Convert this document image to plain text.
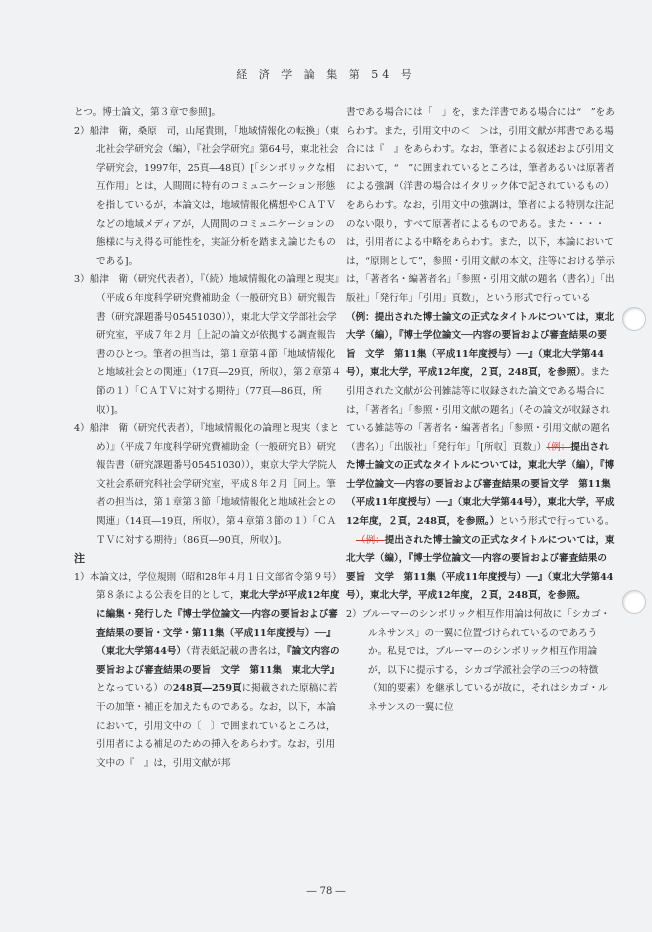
経 済 学 論 集 第 54 号

とつ。博士論文，第３章で参照]。

2）船津　衛，桑原　司，山尾貴則，「地域情報化の転換」（東北社会学研究会（編），『社会学研究』第64号，東北社会学研究会，1997年，25頁―48頁）[「シンボリックな相互作用」とは，人間間に特有のコミュニケーション形態を指しているが，本論文は，地域情報化構想やＣＡＴＶなどの地域メディアが，人間間のコミュニケーションの態様に与え得る可能性を，実証分析を踏まえ論じたものである]。

3）船津　衛（研究代表者），『（続）地域情報化の論理と現実』（平成６年度科学研究費補助金（一般研究Ｂ）研究報告書（研究課題番号05451030）），東北大学文学部社会学研究室，平成７年２月［上記の論文が依拠する調査報告書のひとつ。筆者の担当は，第１章第４節「地域情報化と地域社会との関連」（17頁―29頁，所収），第２章第４節の１）「ＣＡＴＶに対する期待」（77頁―86頁，所収）]。

4）船津　衛（研究代表者），『地域情報化の論理と現実（まとめ）』（平成７年度科学研究費補助金（一般研究Ｂ）研究報告書（研究課題番号05451030）），東京大学大学院人文社会系研究科社会学研究室，平成８年２月［同上。筆者の担当は，第１章第３節「地域情報化と地域社会との関連」（14頁―19頁，所収），第４章第３節の１）「ＣＡＴＶに対する期待」（86頁―90頁，所収）]。

注

1）本論文は，学位規則（昭和28年４月１日文部省令第９号）第８条による公表を目的として，東北大学が平成12年度に編集・発行した『博士学位論文──内容の要旨および審査結果の要旨・文学・第11集（平成11年度授与）──』（東北大学第44号）（背表紙記載の書名は，『論文内容の要旨および審査結果の要旨　文学　第11集　東北大学』となっている）の248頁―259頁に掲載された原稿に若干の加筆・補正を加えたものである。なお，以下，本論において，引用文中の〔　〕で囲まれているところは，引用者による補足のための挿入をあらわす。なお，引用文中の『　』は，引用文献が邦

書である場合には「　」を，また洋書である場合には“　”をあらわす。また，引用文中の＜　＞は，引用文献が邦書である場合には『　』をあらわす。なお，筆者による叙述および引用文において，“　”に囲まれているところは，筆者あるいは原著者による強調（洋書の場合はイタリック体で記されているもの）をあらわす。なお，引用文中の強調は，筆者による特別な注記のない限り，すべて原著者によるものである。また・・・・は，引用者による中略をあらわす。また，以下，本論においては，“原則として”，参照・引用文献の本文，注等における挙示は，「著者名・編著者名」「参照・引用文献の題名（書名）」「出版社」「発行年」「引用」頁数」，という形式で行っている（例：提出された博士論文の正式なタイトルについては，東北大学（編），『博士学位論文──内容の要旨および審査結果の要旨　文学　第11集（平成11年度授与）──』（東北大学第44号），東北大学，平成12年度，２頁，248頁，を参照）。また引用された文献が公刊雑誌等に収録された論文である場合には，「著者名」「参照・引用文献の題名」（その論文が収録されている雑誌等の「著者名・編著者名」「参照・引用文献の題名（書名）」「出版社」「発行年」「[所収］頁数」）（例：提出された博士論文の正式なタイトルについては，東北大学（編），『博士学位論文──内容の要旨および審査結果の要旨文学　第11集（平成11年度授与）──』（東北大学第44号），東北大学，平成12年度，２頁，248頁，を参照。）という形式で行っている。

（例：提出された博士論文の正式なタイトルについては，東北大学（編），『博士学位論文──内容の要旨および審査結果の要旨　文学　第11集（平成11年度授与）──』（東北大学第44号），東北大学，平成12年度，２頁，248頁，を参照。

2）ブルーマーのシンボリック相互作用論は何故に「シカゴ・ルネサンス」の一翼に位置づけられているのであろうか。私見では，ブルーマーのシンボリック相互作用論が，以下に提示する，シカゴ学派社会学の三つの特徴（知的要素）を継承しているが故に，それはシカゴ・ルネサンスの一翼に位

― 78 ―
